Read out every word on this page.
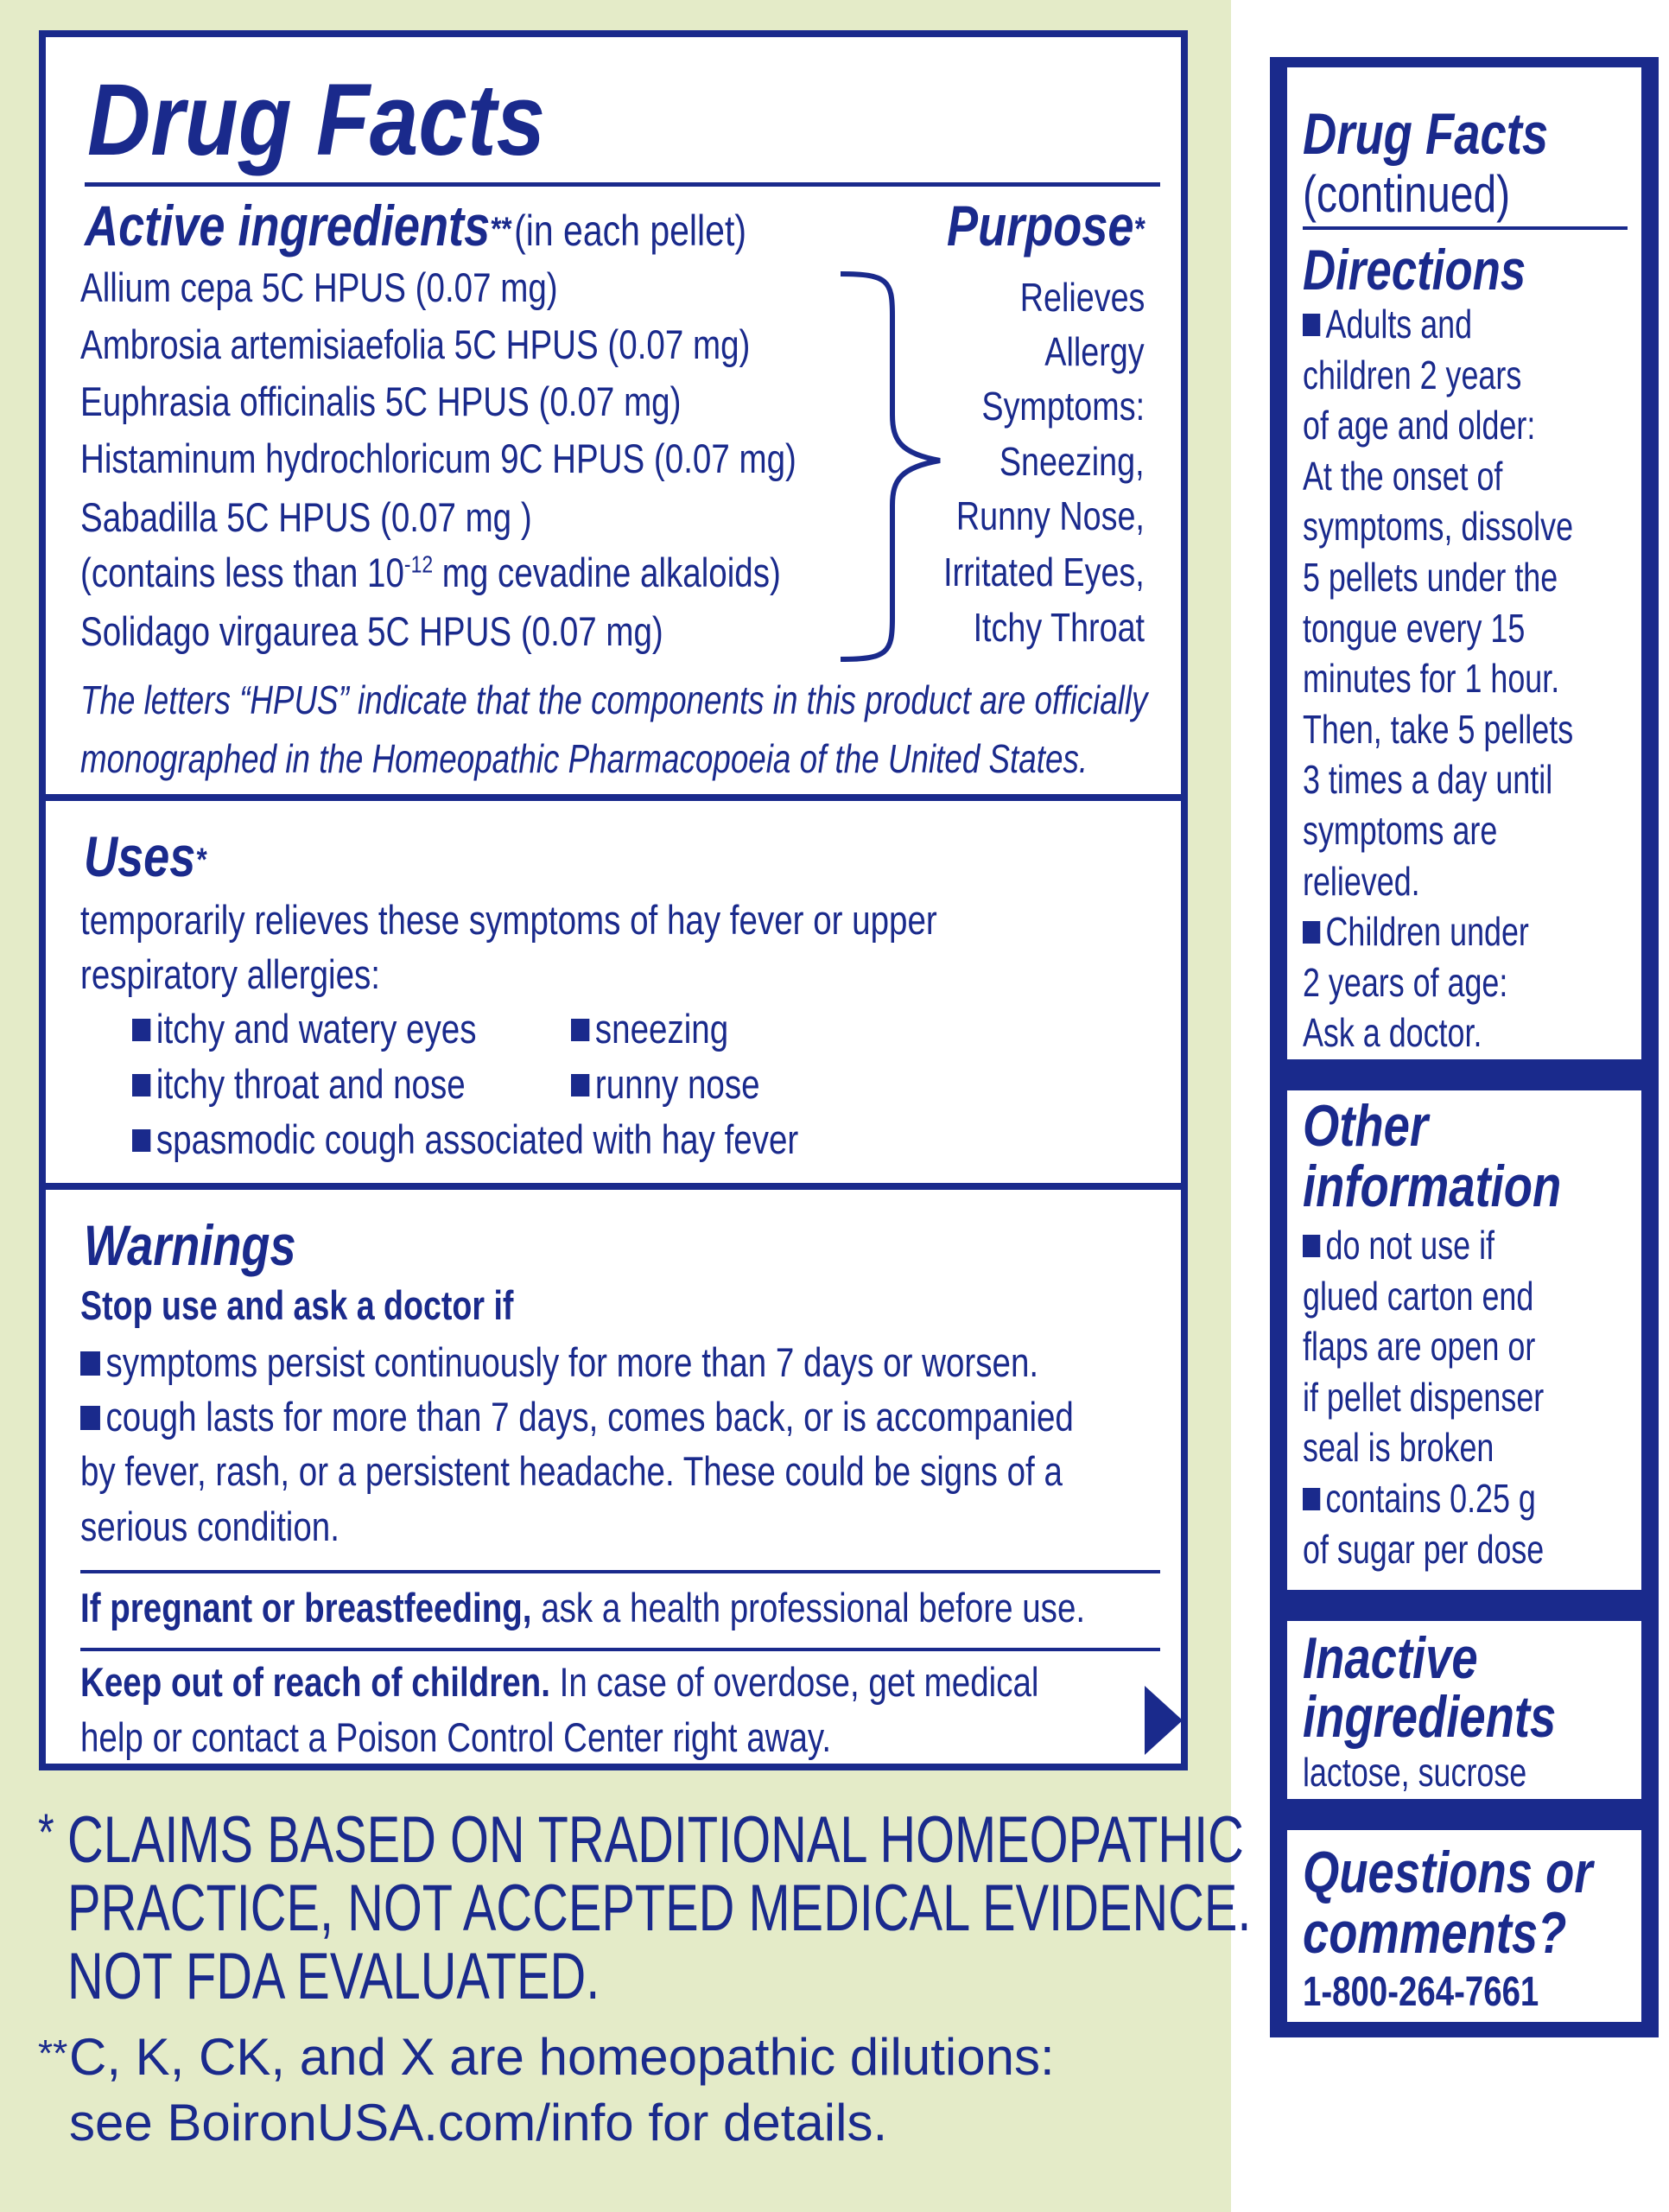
Drug Facts
Active ingredients** (in each pellet)	Purpose*
Allium cepa 5C HPUS (0.07 mg)
Ambrosia artemisiaefolia 5C HPUS (0.07 mg)
Euphrasia officinalis 5C HPUS (0.07 mg)
Histaminum hydrochloricum 9C HPUS (0.07 mg)
Sabadilla 5C HPUS (0.07 mg )
(contains less than $10^{-12}$ mg cevadine alkaloids)
Solidago virgaurea 5C HPUS (0.07 mg)
Relieves
Allergy
Symptoms:
Sneezing,
Runny Nose,
Irritated Eyes,
Itchy Throat
The letters “HPUS” indicate that the components in this product are officially
monographed in the Homeopathic Pharmacopoeia of the United States.
Uses*
temporarily relieves these symptoms of hay fever or upper
respiratory allergies:
itchy and watery eyes	sneezing
itchy throat and nose	runny nose
spasmodic cough associated with hay fever
Warnings
Stop use and ask a doctor if
symptoms persist continuously for more than 7 days or worsen.
cough lasts for more than 7 days, comes back, or is accompanied
by fever, rash, or a persistent headache. These could be signs of a
serious condition.
If pregnant or breastfeeding, ask a health professional before use.
Keep out of reach of children. In case of overdose, get medical
help or contact a Poison Control Center right away.
* CLAIMS BASED ON TRADITIONAL HOMEOPATHIC
PRACTICE, NOT ACCEPTED MEDICAL EVIDENCE.
NOT FDA EVALUATED.
** C, K, CK, and X are homeopathic dilutions:
see BoironUSA.com/info for details.
Drug Facts
(continued)
Directions
Adults and
children 2 years
of age and older:
At the onset of
symptoms, dissolve
5 pellets under the
tongue every 15
minutes for 1 hour.
Then, take 5 pellets
3 times a day until
symptoms are
relieved.
Children under
2 years of age:
Ask a doctor.
Other
information
do not use if
glued carton end
flaps are open or
if pellet dispenser
seal is broken
contains 0.25 g
of sugar per dose
Inactive
ingredients
lactose, sucrose
Questions or
comments?
1-800-264-7661
